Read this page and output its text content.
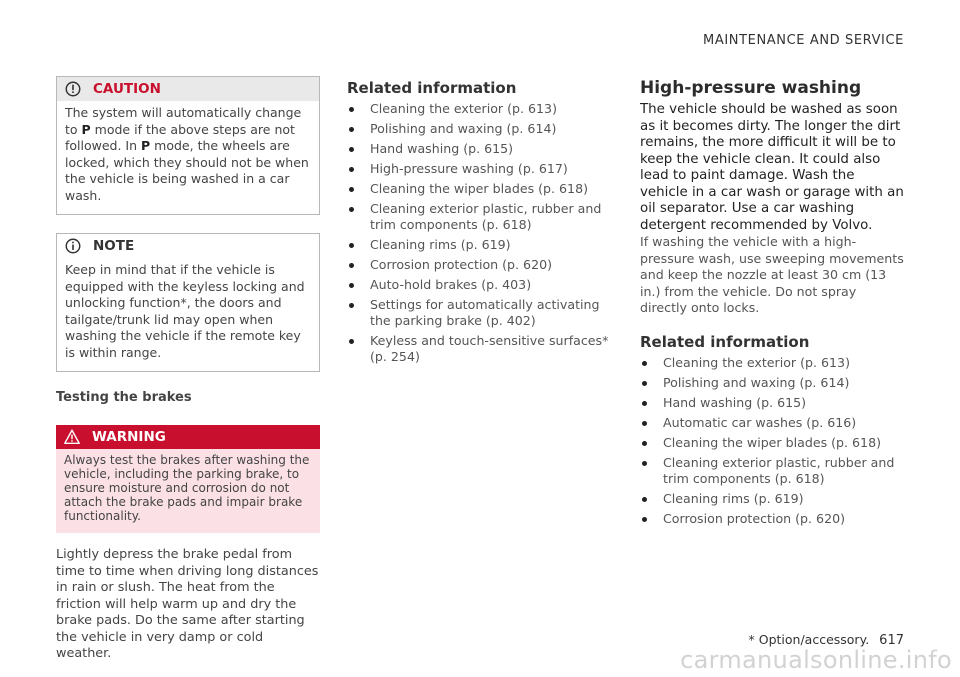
MAINTENANCE AND SERVICE
CAUTION
The system will automatically change to P mode if the above steps are not followed. In P mode, the wheels are locked, which they should not be when the vehicle is being washed in a car wash.
NOTE
Keep in mind that if the vehicle is equipped with the keyless locking and unlocking function*, the doors and tailgate/trunk lid may open when washing the vehicle if the remote key is within range.
Testing the brakes
WARNING
Always test the brakes after washing the vehicle, including the parking brake, to ensure moisture and corrosion do not attach the brake pads and impair brake functionality.
Lightly depress the brake pedal from time to time when driving long distances in rain or slush. The heat from the friction will help warm up and dry the brake pads. Do the same after starting the vehicle in very damp or cold weather.
Related information
Cleaning the exterior (p. 613)
Polishing and waxing (p. 614)
Hand washing (p. 615)
High-pressure washing (p. 617)
Cleaning the wiper blades (p. 618)
Cleaning exterior plastic, rubber and trim components (p. 618)
Cleaning rims (p. 619)
Corrosion protection (p. 620)
Auto-hold brakes (p. 403)
Settings for automatically activating the parking brake (p. 402)
Keyless and touch-sensitive surfaces* (p. 254)
High-pressure washing
The vehicle should be washed as soon as it becomes dirty. The longer the dirt remains, the more difficult it will be to keep the vehicle clean. It could also lead to paint damage. Wash the vehicle in a car wash or garage with an oil separator. Use a car washing detergent recommended by Volvo.
If washing the vehicle with a high-pressure wash, use sweeping movements and keep the nozzle at least 30 cm (13 in.) from the vehicle. Do not spray directly onto locks.
Related information
Cleaning the exterior (p. 613)
Polishing and waxing (p. 614)
Hand washing (p. 615)
Automatic car washes (p. 616)
Cleaning the wiper blades (p. 618)
Cleaning exterior plastic, rubber and trim components (p. 618)
Cleaning rims (p. 619)
Corrosion protection (p. 620)
* Option/accessory. 617
carmanualsonline.info
